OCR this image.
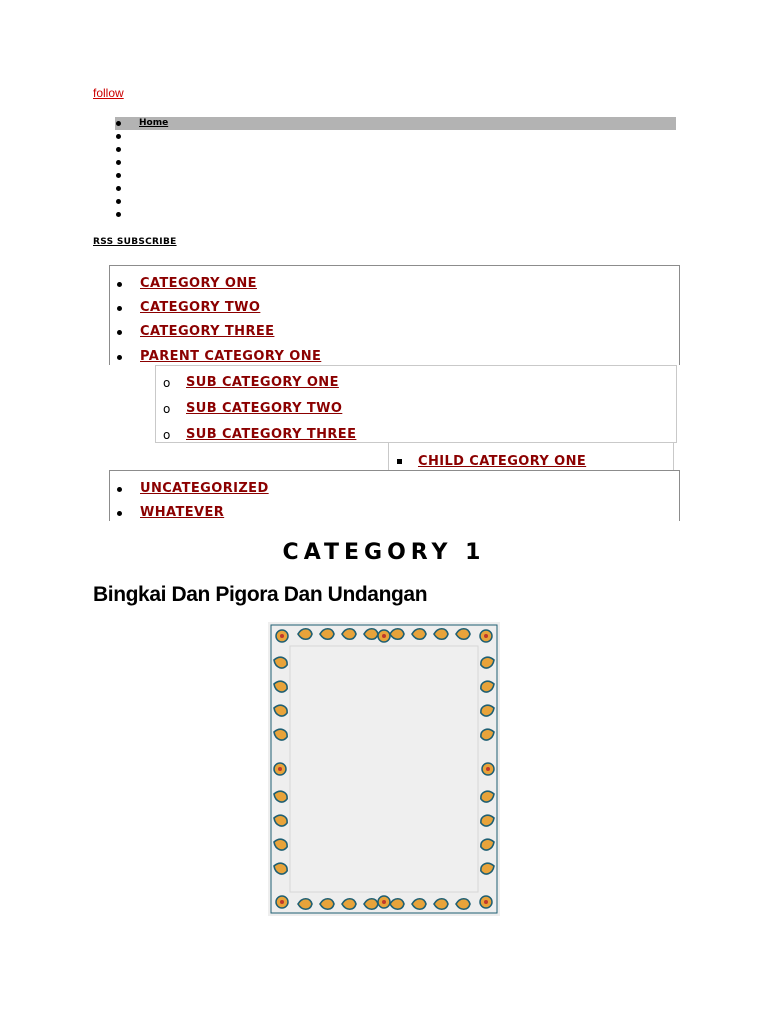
follow
Home
RSS SUBSCRIBE
CATEGORY ONE
CATEGORY TWO
CATEGORY THREE
PARENT CATEGORY ONE
o SUB CATEGORY ONE
o SUB CATEGORY TWO
o SUB CATEGORY THREE
CHILD CATEGORY ONE
UNCATEGORIZED
WHATEVER
CATEGORY 1
Bingkai Dan Pigora Dan Undangan
